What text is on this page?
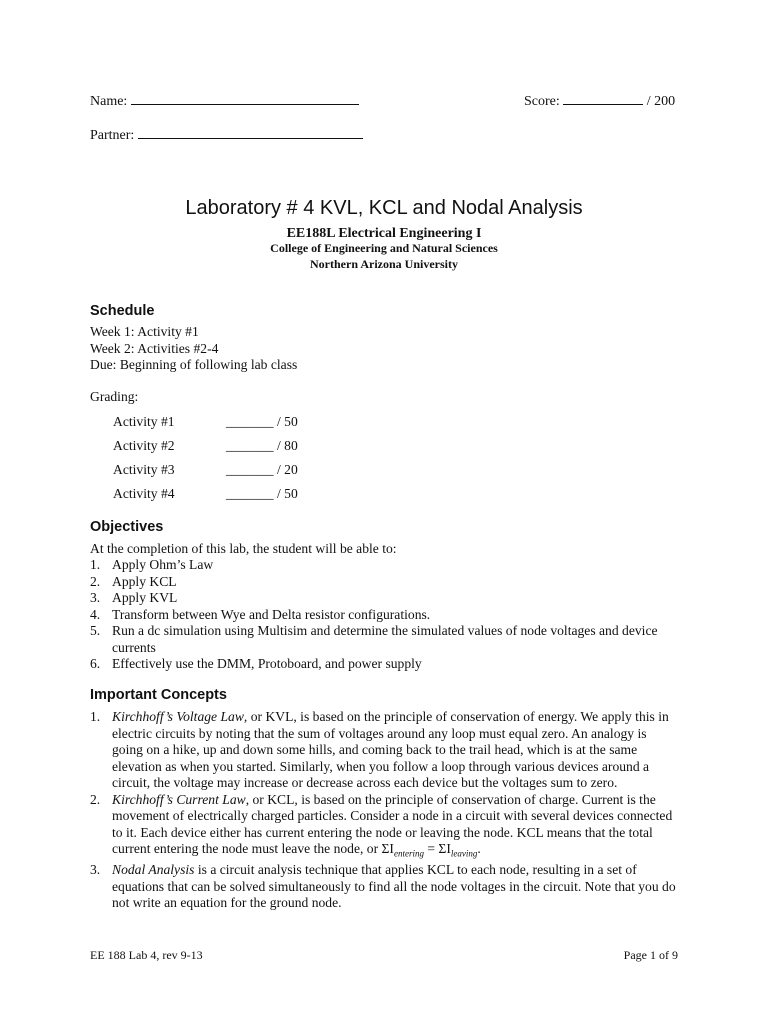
Name:	Score:	/ 200
Partner:
Laboratory # 4 KVL, KCL and Nodal Analysis
EE188L Electrical Engineering I
College of Engineering and Natural Sciences
Northern Arizona University
Schedule
Week 1: Activity #1
Week 2: Activities #2-4
Due: Beginning of following lab class
Grading:
Activity #1	_______ / 50
Activity #2	_______ / 80
Activity #3	_______ / 20
Activity #4	_______ / 50
Objectives
At the completion of this lab, the student will be able to:
1. Apply Ohm’s Law
2. Apply KCL
3. Apply KVL
4. Transform between Wye and Delta resistor configurations.
5. Run a dc simulation using Multisim and determine the simulated values of node voltages and device currents
6. Effectively use the DMM, Protoboard, and power supply
Important Concepts
1. Kirchhoff’s Voltage Law, or KVL, is based on the principle of conservation of energy. We apply this in electric circuits by noting that the sum of voltages around any loop must equal zero. An analogy is going on a hike, up and down some hills, and coming back to the trail head, which is at the same elevation as when you started. Similarly, when you follow a loop through various devices around a circuit, the voltage may increase or decrease across each device but the voltages sum to zero.
2. Kirchhoff’s Current Law, or KCL, is based on the principle of conservation of charge. Current is the movement of electrically charged particles. Consider a node in a circuit with several devices connected to it. Each device either has current entering the node or leaving the node. KCL means that the total current entering the node must leave the node, or $\Sigma I_{entering} = \Sigma I_{leaving}$.
3. Nodal Analysis is a circuit analysis technique that applies KCL to each node, resulting in a set of equations that can be solved simultaneously to find all the node voltages in the circuit. Note that you do not write an equation for the ground node.
EE 188 Lab 4, rev 9-13	Page 1 of 9
